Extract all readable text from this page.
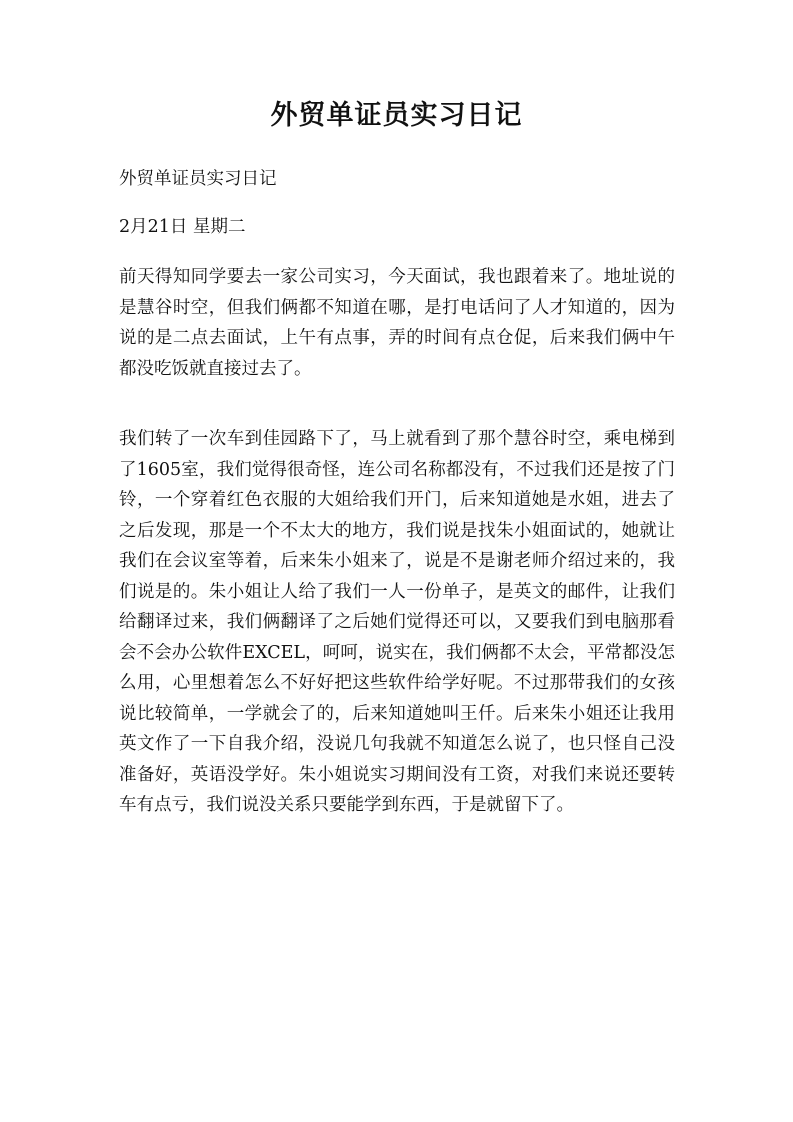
外贸单证员实习日记

外贸单证员实习日记

2月21日 星期二

前天得知同学要去一家公司实习，今天面试，我也跟着来了。地址说的是慧谷时空，但我们俩都不知道在哪，是打电话问了人才知道的，因为说的是二点去面试，上午有点事，弄的时间有点仓促，后来我们俩中午都没吃饭就直接过去了。

我们转了一次车到佳园路下了，马上就看到了那个慧谷时空，乘电梯到了1605室，我们觉得很奇怪，连公司名称都没有，不过我们还是按了门铃，一个穿着红色衣服的大姐给我们开门，后来知道她是水姐，进去了之后发现，那是一个不太大的地方，我们说是找朱小姐面试的，她就让我们在会议室等着，后来朱小姐来了，说是不是谢老师介绍过来的，我们说是的。朱小姐让人给了我们一人一份单子，是英文的邮件，让我们给翻译过来，我们俩翻译了之后她们觉得还可以，又要我们到电脑那看会不会办公软件EXCEL，呵呵，说实在，我们俩都不太会，平常都没怎么用，心里想着怎么不好好把这些软件给学好呢。不过那带我们的女孩说比较简单，一学就会了的，后来知道她叫王仟。后来朱小姐还让我用英文作了一下自我介绍，没说几句我就不知道怎么说了，也只怪自己没准备好，英语没学好。朱小姐说实习期间没有工资，对我们来说还要转车有点亏，我们说没关系只要能学到东西，于是就留下了。
